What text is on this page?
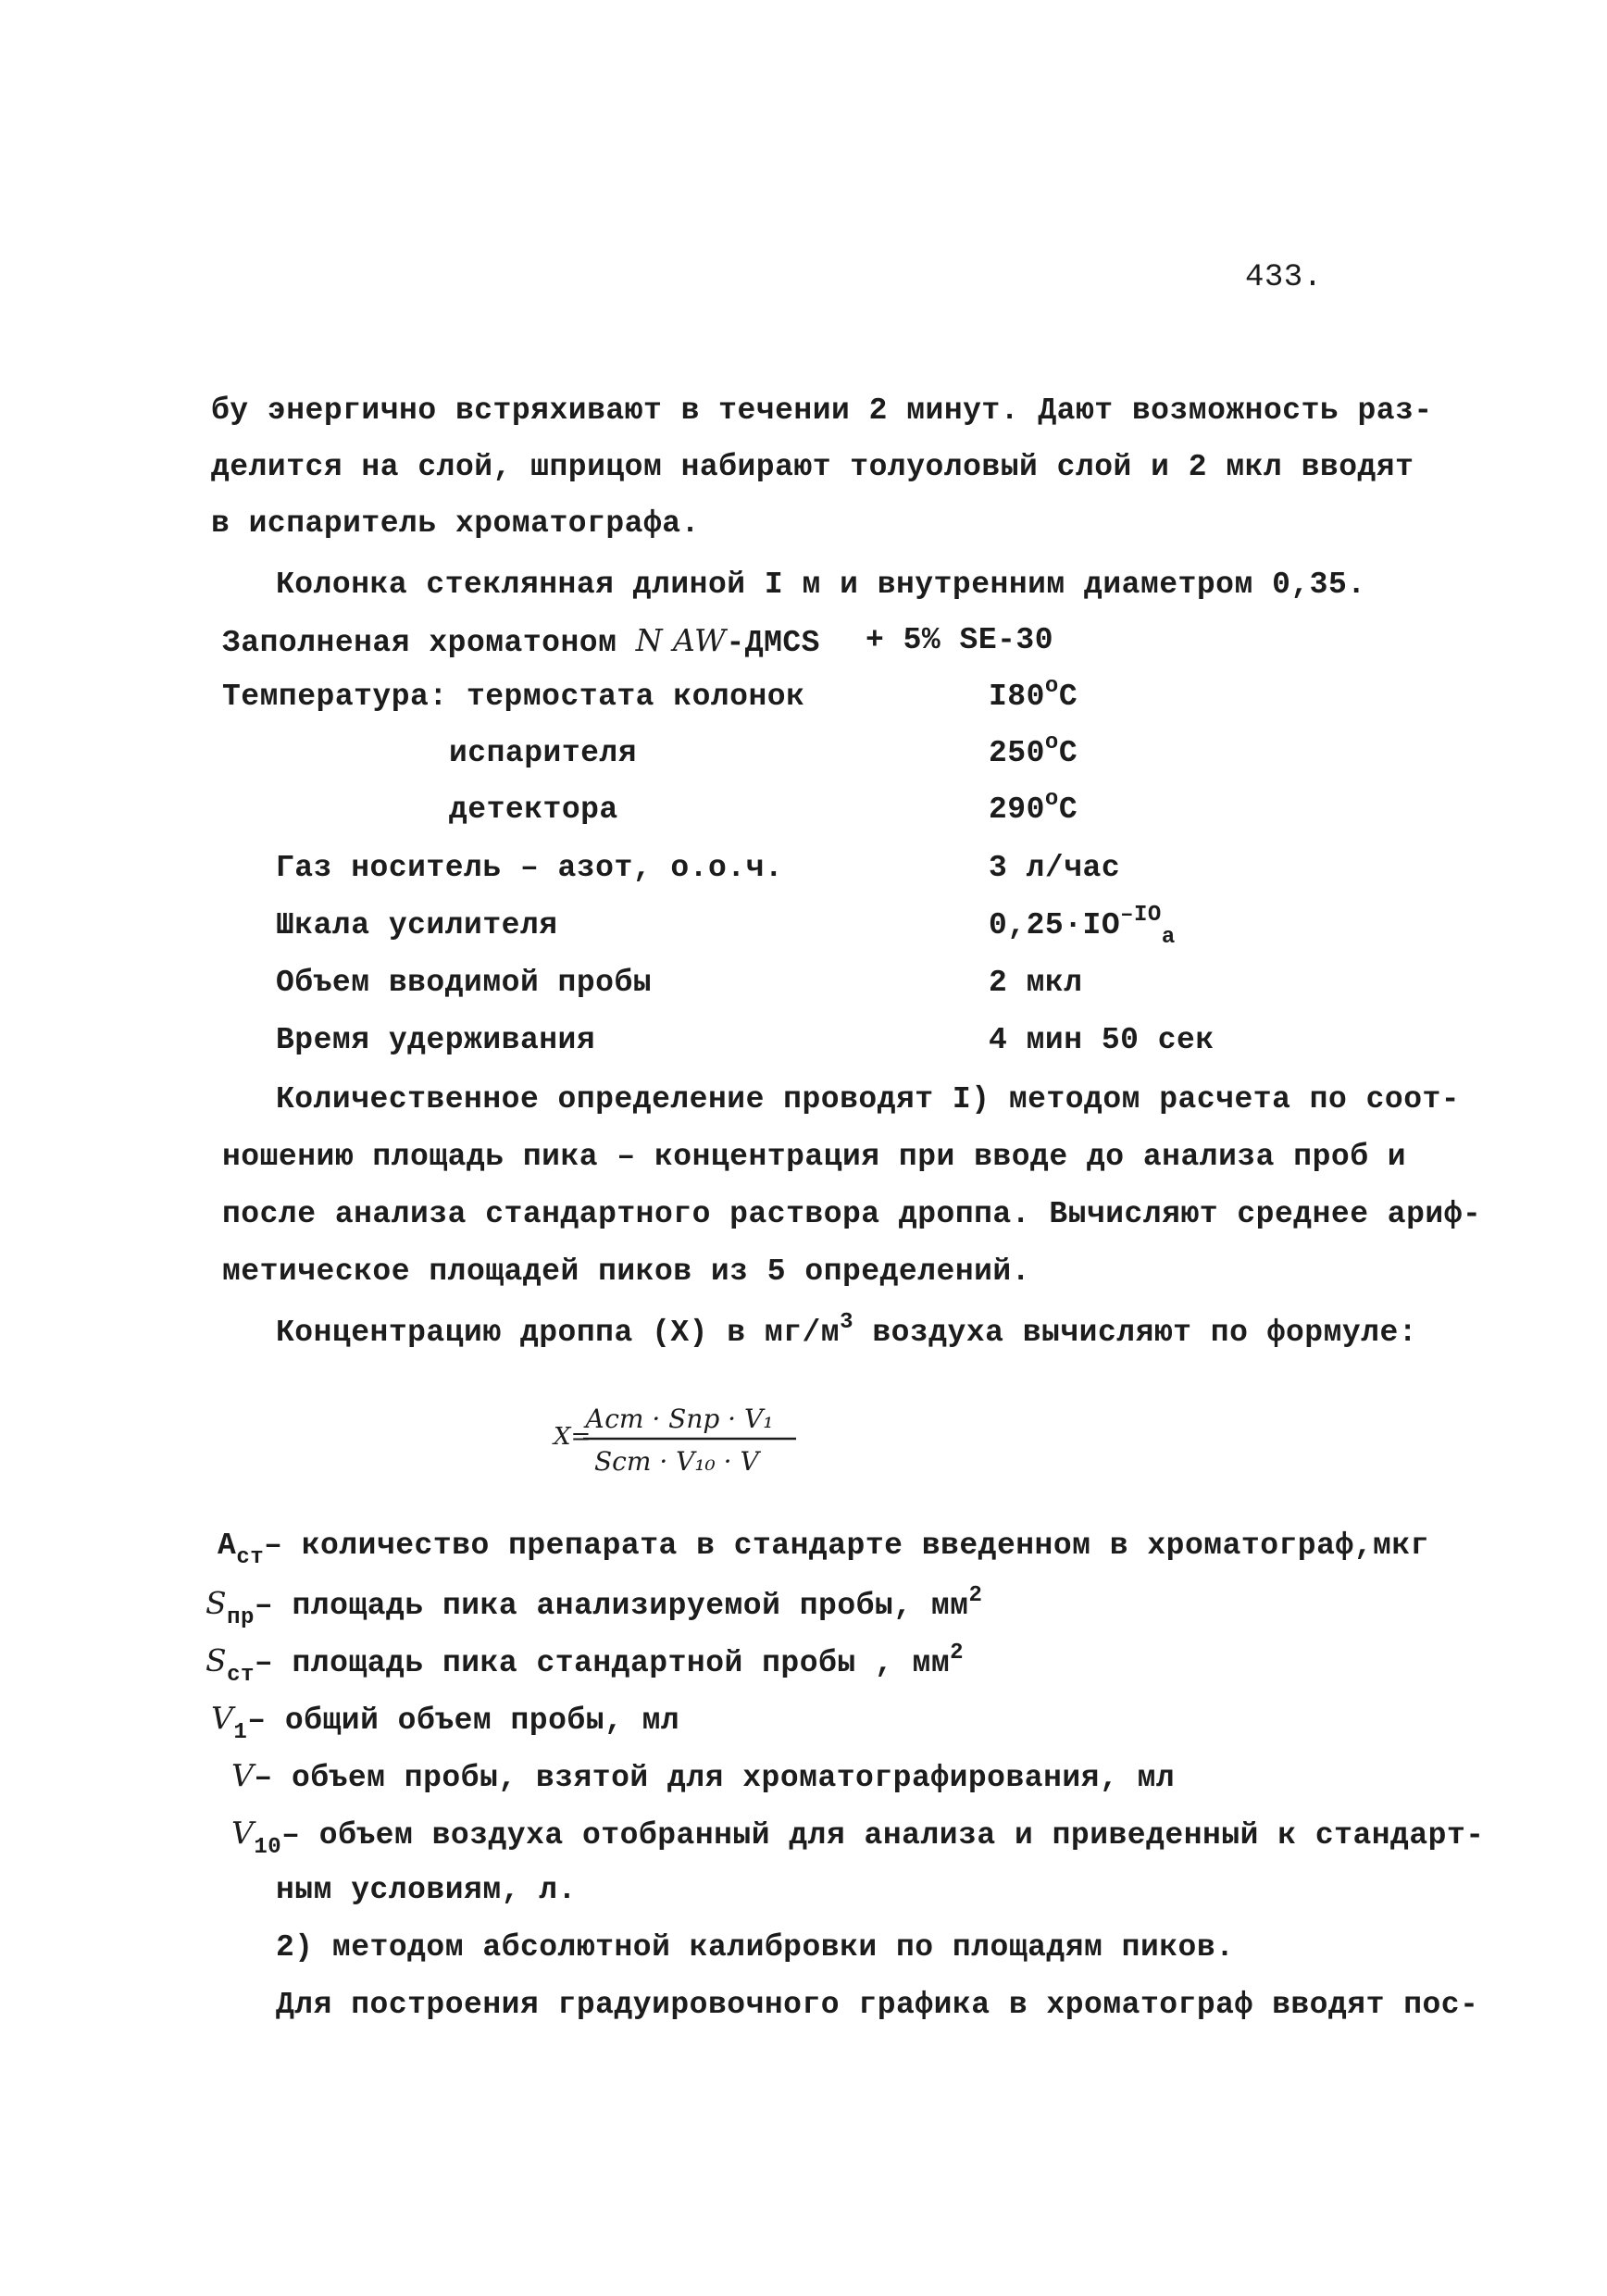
433.
бу энергично встряхивают в течении 2 минут. Дают возможность раз-
делится на слой, шприцом набирают толуоловый слой и 2 мкл вводят
в испаритель хроматографа.
Колонка стеклянная длиной I м и внутренним диаметром 0,35.
Заполненая хроматоном N AW-ДМСS + 5% SE-30
Температура: термостата колонок	I80$^o$C
испарителя	250$^o$C
детектора	290$^o$C
Газ носитель – азот, о.о.ч.	3 л/час
Шкала усилителя	$0,25\cdot IO^{-IO}_a$
Объем вводимой пробы	2 мкл
Время удерживания	4 мин 50 сек
Количественное определение проводят I) методом расчета по соот-
ношению площадь пика – концентрация при вводе до анализа проб и
после анализа стандартного раствора дроппа. Вычисляют среднее ариф-
метическое площадей пиков из 5 определений.
Концентрацию дроппа (X) в $мг/м^3$ воздуха вычисляют по формуле:
X=
Аст · Sпр · V₁
Sст · V₁₀ · V
$А_{ст}-$ количество препарата в стандарте введенном в хроматограф,мкг
$S_{пр}-$ площадь пика анализируемой пробы, $мм^2$
$S_{ст}-$ площадь пика стандартной пробы , $мм^2$
$V_1-$ общий объем пробы, мл
V– объем пробы, взятой для хроматографирования, мл
$V_{10}-$ объем воздуха отобранный для анализа и приведенный к стандарт-
ным условиям, л.
2) методом абсолютной калибровки по площадям пиков.
Для построения градуировочного графика в хроматограф вводят пос-
